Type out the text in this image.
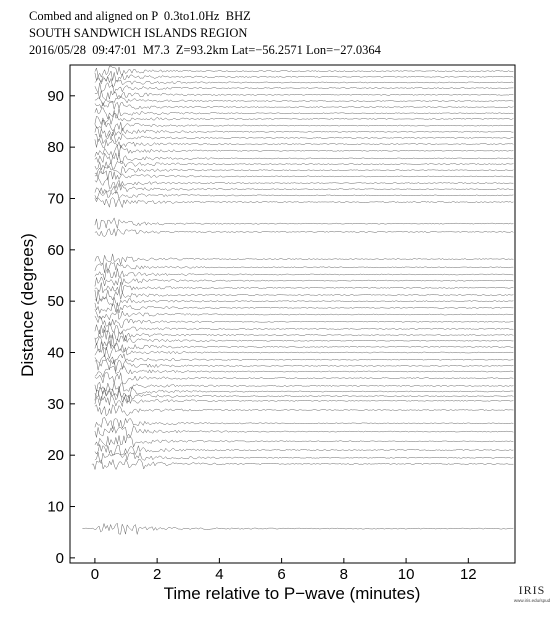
Combed and aligned on P  0.3to1.0Hz  BHZ
SOUTH SANDWICH ISLANDS REGION
2016/05/28  09:47:01  M7.3  Z=93.2km Lat=−56.2571 Lon=−27.0364
0	2	4	6	8	10	12
0
10
20
30
40
50
60
70
80
90
Time relative to P−wave (minutes)
Distance (degrees)
IRIS
www.iris.edu/spud
